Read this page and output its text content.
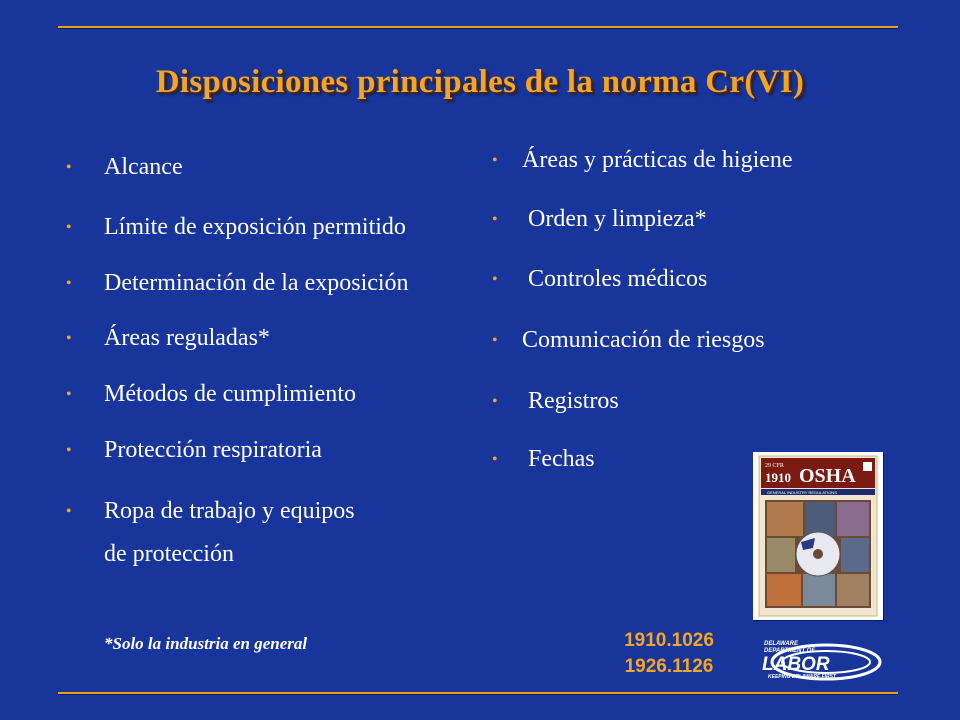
Disposiciones principales de la norma Cr(VI)
• Alcance
• Límite de exposición permitido
• Determinación de la exposición
• Áreas reguladas*
• Métodos de cumplimiento
• Protección respiratoria
• Ropa de trabajo y equipos
de protección
• Áreas y prácticas de higiene
• Orden y limpieza*
• Controles médicos
• Comunicación de riesgos
• Registros
• Fechas	29 CFR
1910 OSHA
GENERAL INDUSTRY REGULATIONS
*Solo la industria en general	1910.1026
1926.1126
DELAWARE
DEPARTMENT OF
LABOR
KEEPING DELAWARE FIRST
